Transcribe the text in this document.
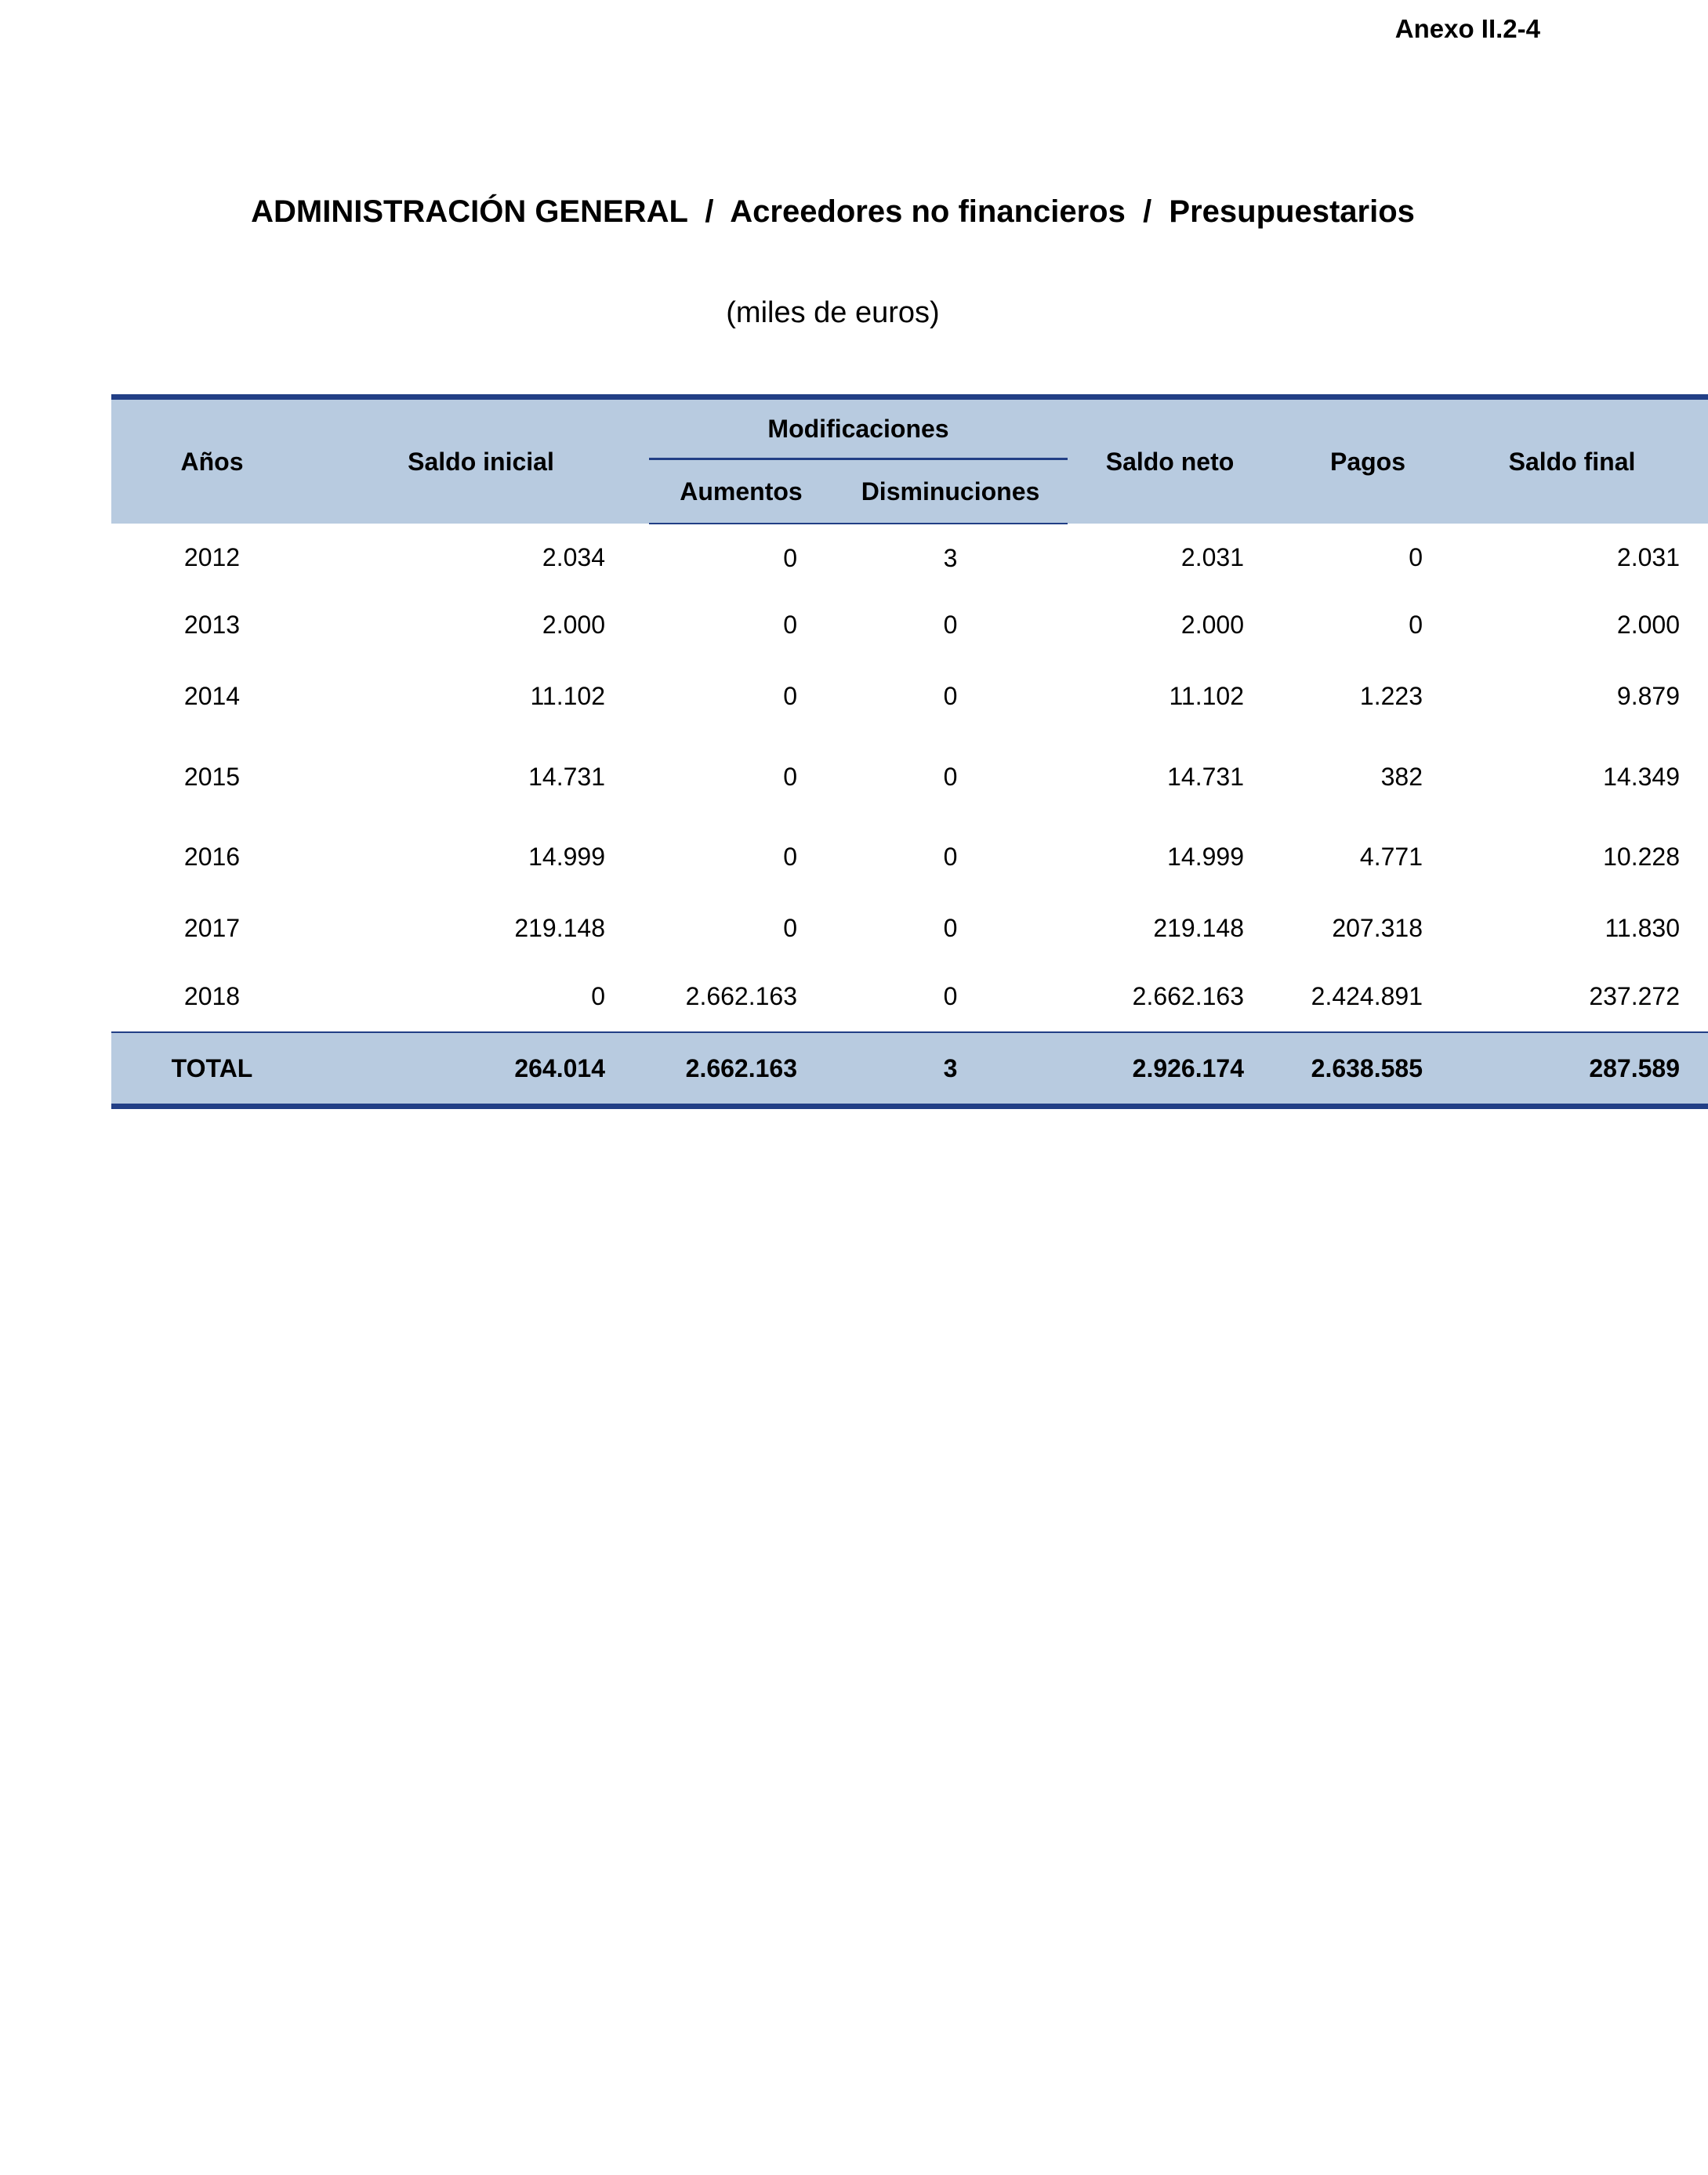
Anexo II.2-4
ADMINISTRACIÓN GENERAL  /  Acreedores no financieros  /  Presupuestarios
(miles de euros)
Años	Saldo inicial	Modificaciones		Saldo neto	Pagos	Saldo final
		Aumentos	Disminuciones			
2012	2.034	0	3	2.031	0	2.031
2013	2.000	0	0	2.000	0	2.000
2014	11.102	0	0	11.102	1.223	9.879
2015	14.731	0	0	14.731	382	14.349
2016	14.999	0	0	14.999	4.771	10.228
2017	219.148	0	0	219.148	207.318	11.830
2018	0	2.662.163	0	2.662.163	2.424.891	237.272
TOTAL	264.014	2.662.163	3	2.926.174	2.638.585	287.589
